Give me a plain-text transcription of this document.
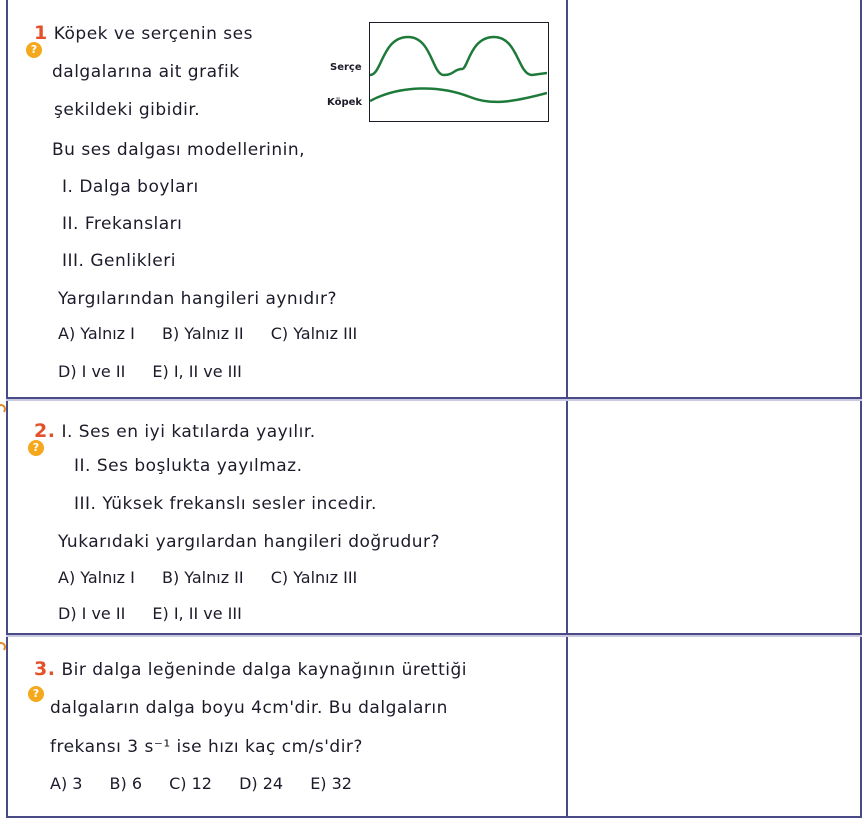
?
1 Köpek ve serçenin ses
dalgalarına ait grafik
şekildeki gibidir.
Bu ses dalgası modellerinin,
I. Dalga boyları
II. Frekansları
III. Genlikleri
Yargılarından hangileri aynıdır?
A) Yalnız I B) Yalnız II C) Yalnız III
D) I ve II E) I, II ve III
Serçe
Köpek
?
2. I. Ses en iyi katılarda yayılır.
II. Ses boşlukta yayılmaz.
III. Yüksek frekanslı sesler incedir.
Yukarıdaki yargılardan hangileri doğrudur?
A) Yalnız I B) Yalnız II C) Yalnız III
D) I ve II E) I, II ve III
?
3. Bir dalga leğeninde dalga kaynağının ürettiği
dalgaların dalga boyu 4cm'dir. Bu dalgaların
frekansı 3 s⁻¹ ise hızı kaç cm/s'dir?
A) 3 B) 6 C) 12 D) 24 E) 32
